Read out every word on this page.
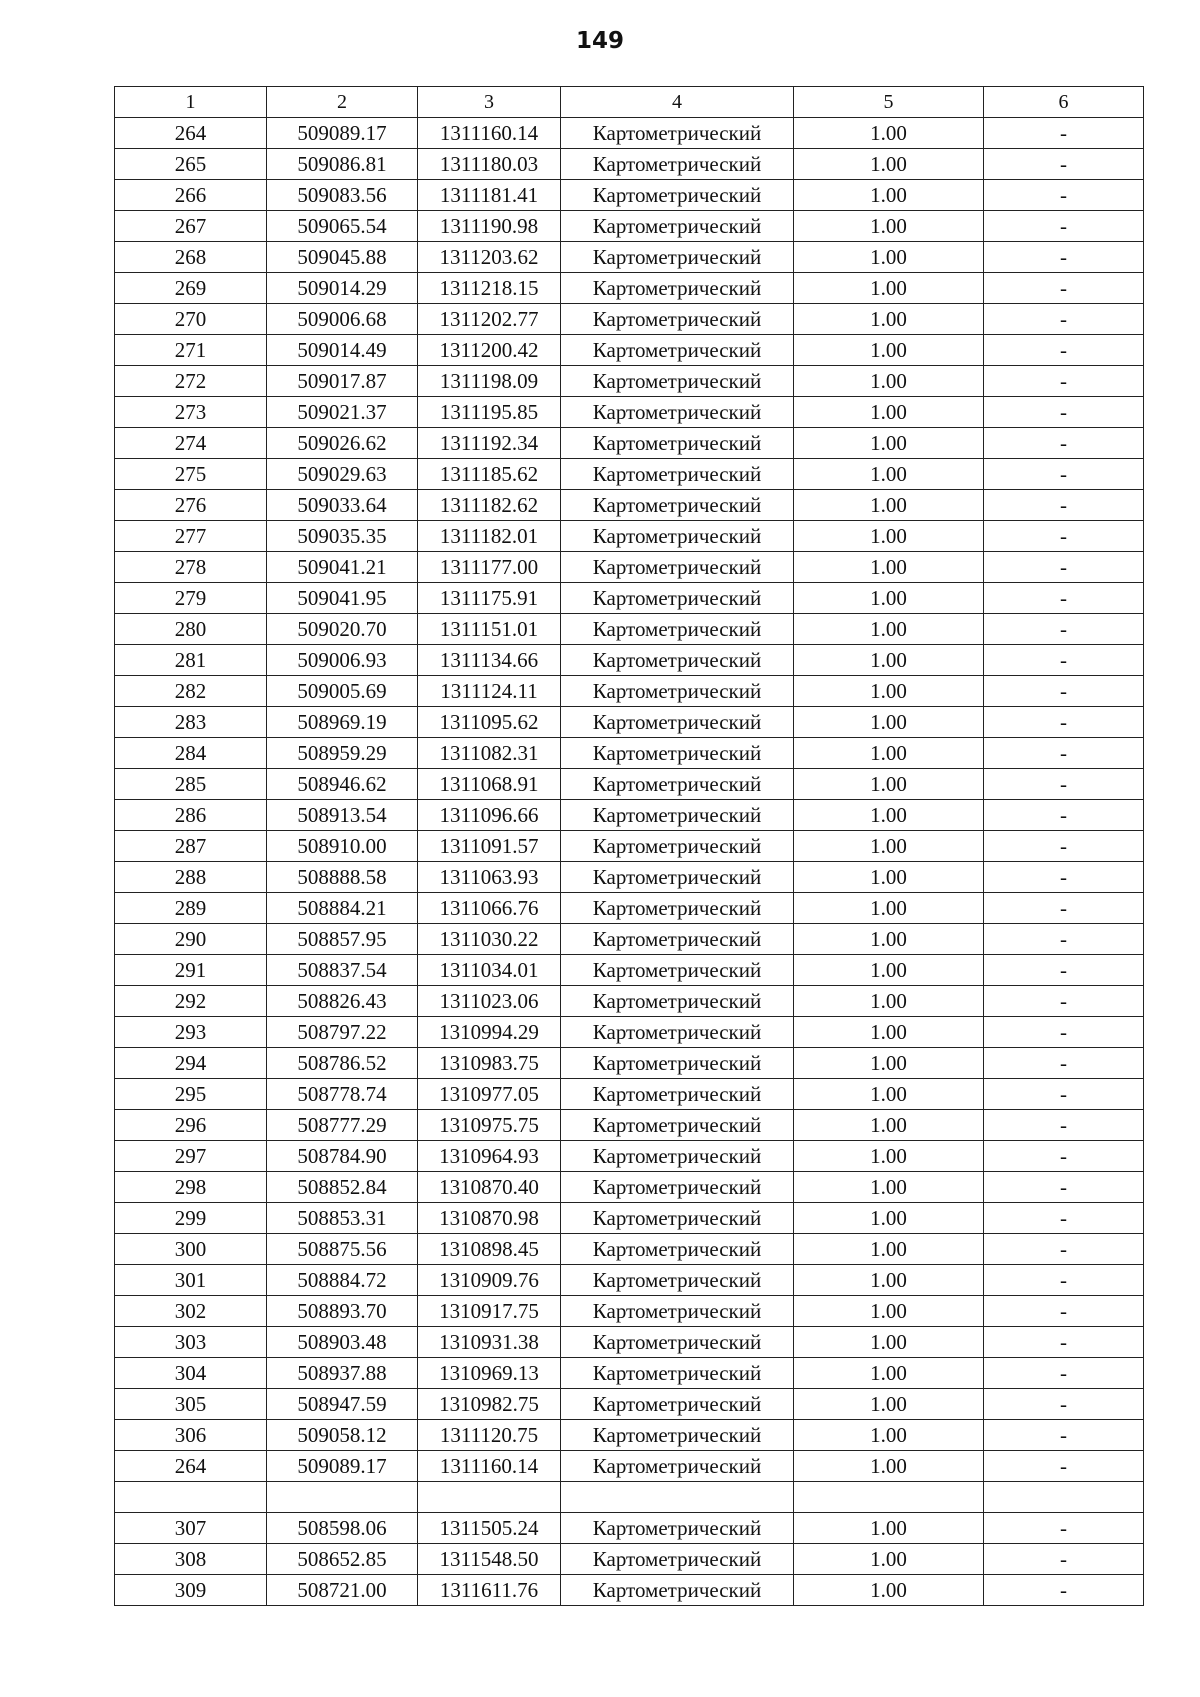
149
1	2	3	4	5	6
264	509089.17	1311160.14	Картометрический	1.00	-
265	509086.81	1311180.03	Картометрический	1.00	-
266	509083.56	1311181.41	Картометрический	1.00	-
267	509065.54	1311190.98	Картометрический	1.00	-
268	509045.88	1311203.62	Картометрический	1.00	-
269	509014.29	1311218.15	Картометрический	1.00	-
270	509006.68	1311202.77	Картометрический	1.00	-
271	509014.49	1311200.42	Картометрический	1.00	-
272	509017.87	1311198.09	Картометрический	1.00	-
273	509021.37	1311195.85	Картометрический	1.00	-
274	509026.62	1311192.34	Картометрический	1.00	-
275	509029.63	1311185.62	Картометрический	1.00	-
276	509033.64	1311182.62	Картометрический	1.00	-
277	509035.35	1311182.01	Картометрический	1.00	-
278	509041.21	1311177.00	Картометрический	1.00	-
279	509041.95	1311175.91	Картометрический	1.00	-
280	509020.70	1311151.01	Картометрический	1.00	-
281	509006.93	1311134.66	Картометрический	1.00	-
282	509005.69	1311124.11	Картометрический	1.00	-
283	508969.19	1311095.62	Картометрический	1.00	-
284	508959.29	1311082.31	Картометрический	1.00	-
285	508946.62	1311068.91	Картометрический	1.00	-
286	508913.54	1311096.66	Картометрический	1.00	-
287	508910.00	1311091.57	Картометрический	1.00	-
288	508888.58	1311063.93	Картометрический	1.00	-
289	508884.21	1311066.76	Картометрический	1.00	-
290	508857.95	1311030.22	Картометрический	1.00	-
291	508837.54	1311034.01	Картометрический	1.00	-
292	508826.43	1311023.06	Картометрический	1.00	-
293	508797.22	1310994.29	Картометрический	1.00	-
294	508786.52	1310983.75	Картометрический	1.00	-
295	508778.74	1310977.05	Картометрический	1.00	-
296	508777.29	1310975.75	Картометрический	1.00	-
297	508784.90	1310964.93	Картометрический	1.00	-
298	508852.84	1310870.40	Картометрический	1.00	-
299	508853.31	1310870.98	Картометрический	1.00	-
300	508875.56	1310898.45	Картометрический	1.00	-
301	508884.72	1310909.76	Картометрический	1.00	-
302	508893.70	1310917.75	Картометрический	1.00	-
303	508903.48	1310931.38	Картометрический	1.00	-
304	508937.88	1310969.13	Картометрический	1.00	-
305	508947.59	1310982.75	Картометрический	1.00	-
306	509058.12	1311120.75	Картометрический	1.00	-
264	509089.17	1311160.14	Картометрический	1.00	-

307	508598.06	1311505.24	Картометрический	1.00	-
308	508652.85	1311548.50	Картометрический	1.00	-
309	508721.00	1311611.76	Картометрический	1.00	-
